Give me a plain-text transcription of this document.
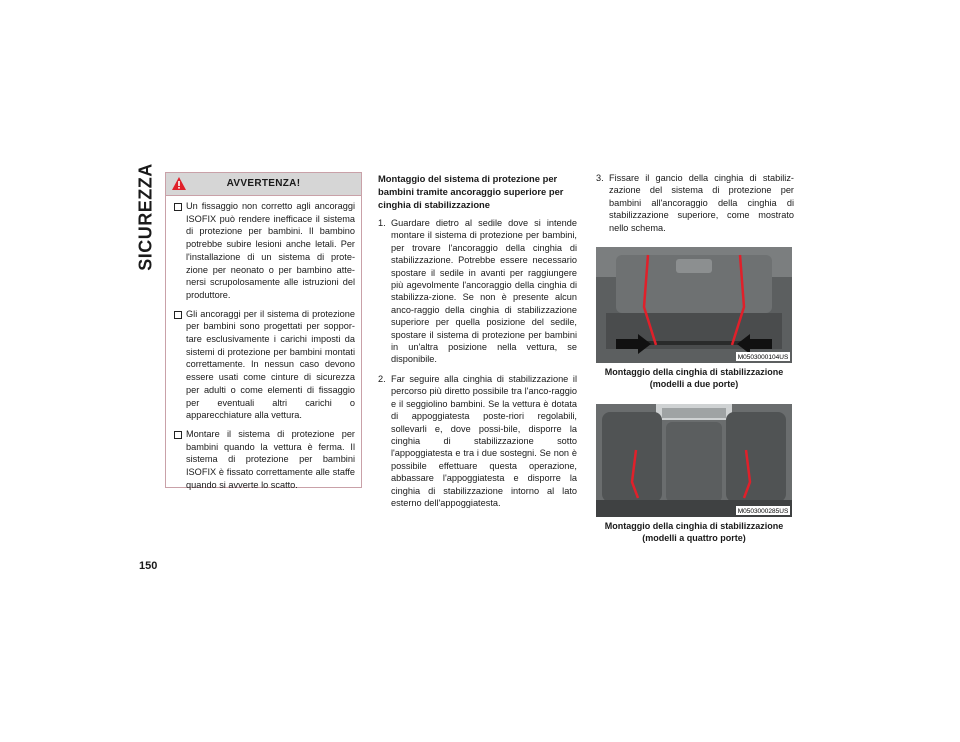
SICUREZZA
150
AVVERTENZA!
Un fissaggio non corretto agli ancoraggi ISOFIX può rendere inefficace il sistema di protezione per bambini. Il bambino potrebbe subire lesioni anche letali. Per l'installazione di un sistema di prote-zione per neonato o per bambino atte-nersi scrupolosamente alle istruzioni del produttore.
Gli ancoraggi per il sistema di protezione per bambini sono progettati per soppor-tare esclusivamente i carichi imposti da sistemi di protezione per bambini montati correttamente. In nessun caso devono essere usati come cinture di sicurezza per adulti o come elementi di fissaggio per eventuali altri carichi o apparecchiature alla vettura.
Montare il sistema di protezione per bambini quando la vettura è ferma. Il sistema di protezione per bambini ISOFIX è fissato correttamente alle staffe quando si avverte lo scatto.
Montaggio del sistema di protezione per bambini tramite ancoraggio superiore per cinghia di stabilizzazione
1. Guardare dietro al sedile dove si intende montare il sistema di protezione per bambini, per trovare l'ancoraggio della cinghia di stabilizzazione. Potrebbe essere necessario spostare il sedile in avanti per raggiungere più agevolmente l'ancoraggio della cinghia di stabilizza-zione. Se non è presente alcun anco-raggio della cinghia di stabilizzazione superiore per quella posizione del sedile, spostare il sistema di protezione per bambini in un'altra posizione nella vettura, se disponibile.
2. Far seguire alla cinghia di stabilizzazione il percorso più diretto possibile tra l'anco-raggio e il seggiolino bambini. Se la vettura è dotata di appoggiatesta poste-riori regolabili, sollevarli e, dove possi-bile, disporre la cinghia di stabilizzazione sotto l'appoggiatesta e tra i due sostegni. Se non è possibile effettuare questa operazione, abbassare l'appoggiatesta e disporre la cinghia di stabilizzazione intorno al lato esterno dell'appoggiatesta.
3. Fissare il gancio della cinghia di stabiliz-zazione del sistema di protezione per bambini all'ancoraggio della cinghia di stabilizzazione superiore, come mostrato nello schema.
M0503000104US
Montaggio della cinghia di stabilizzazione
(modelli a due porte)
M0503000285US
Montaggio della cinghia di stabilizzazione
(modelli a quattro porte)
